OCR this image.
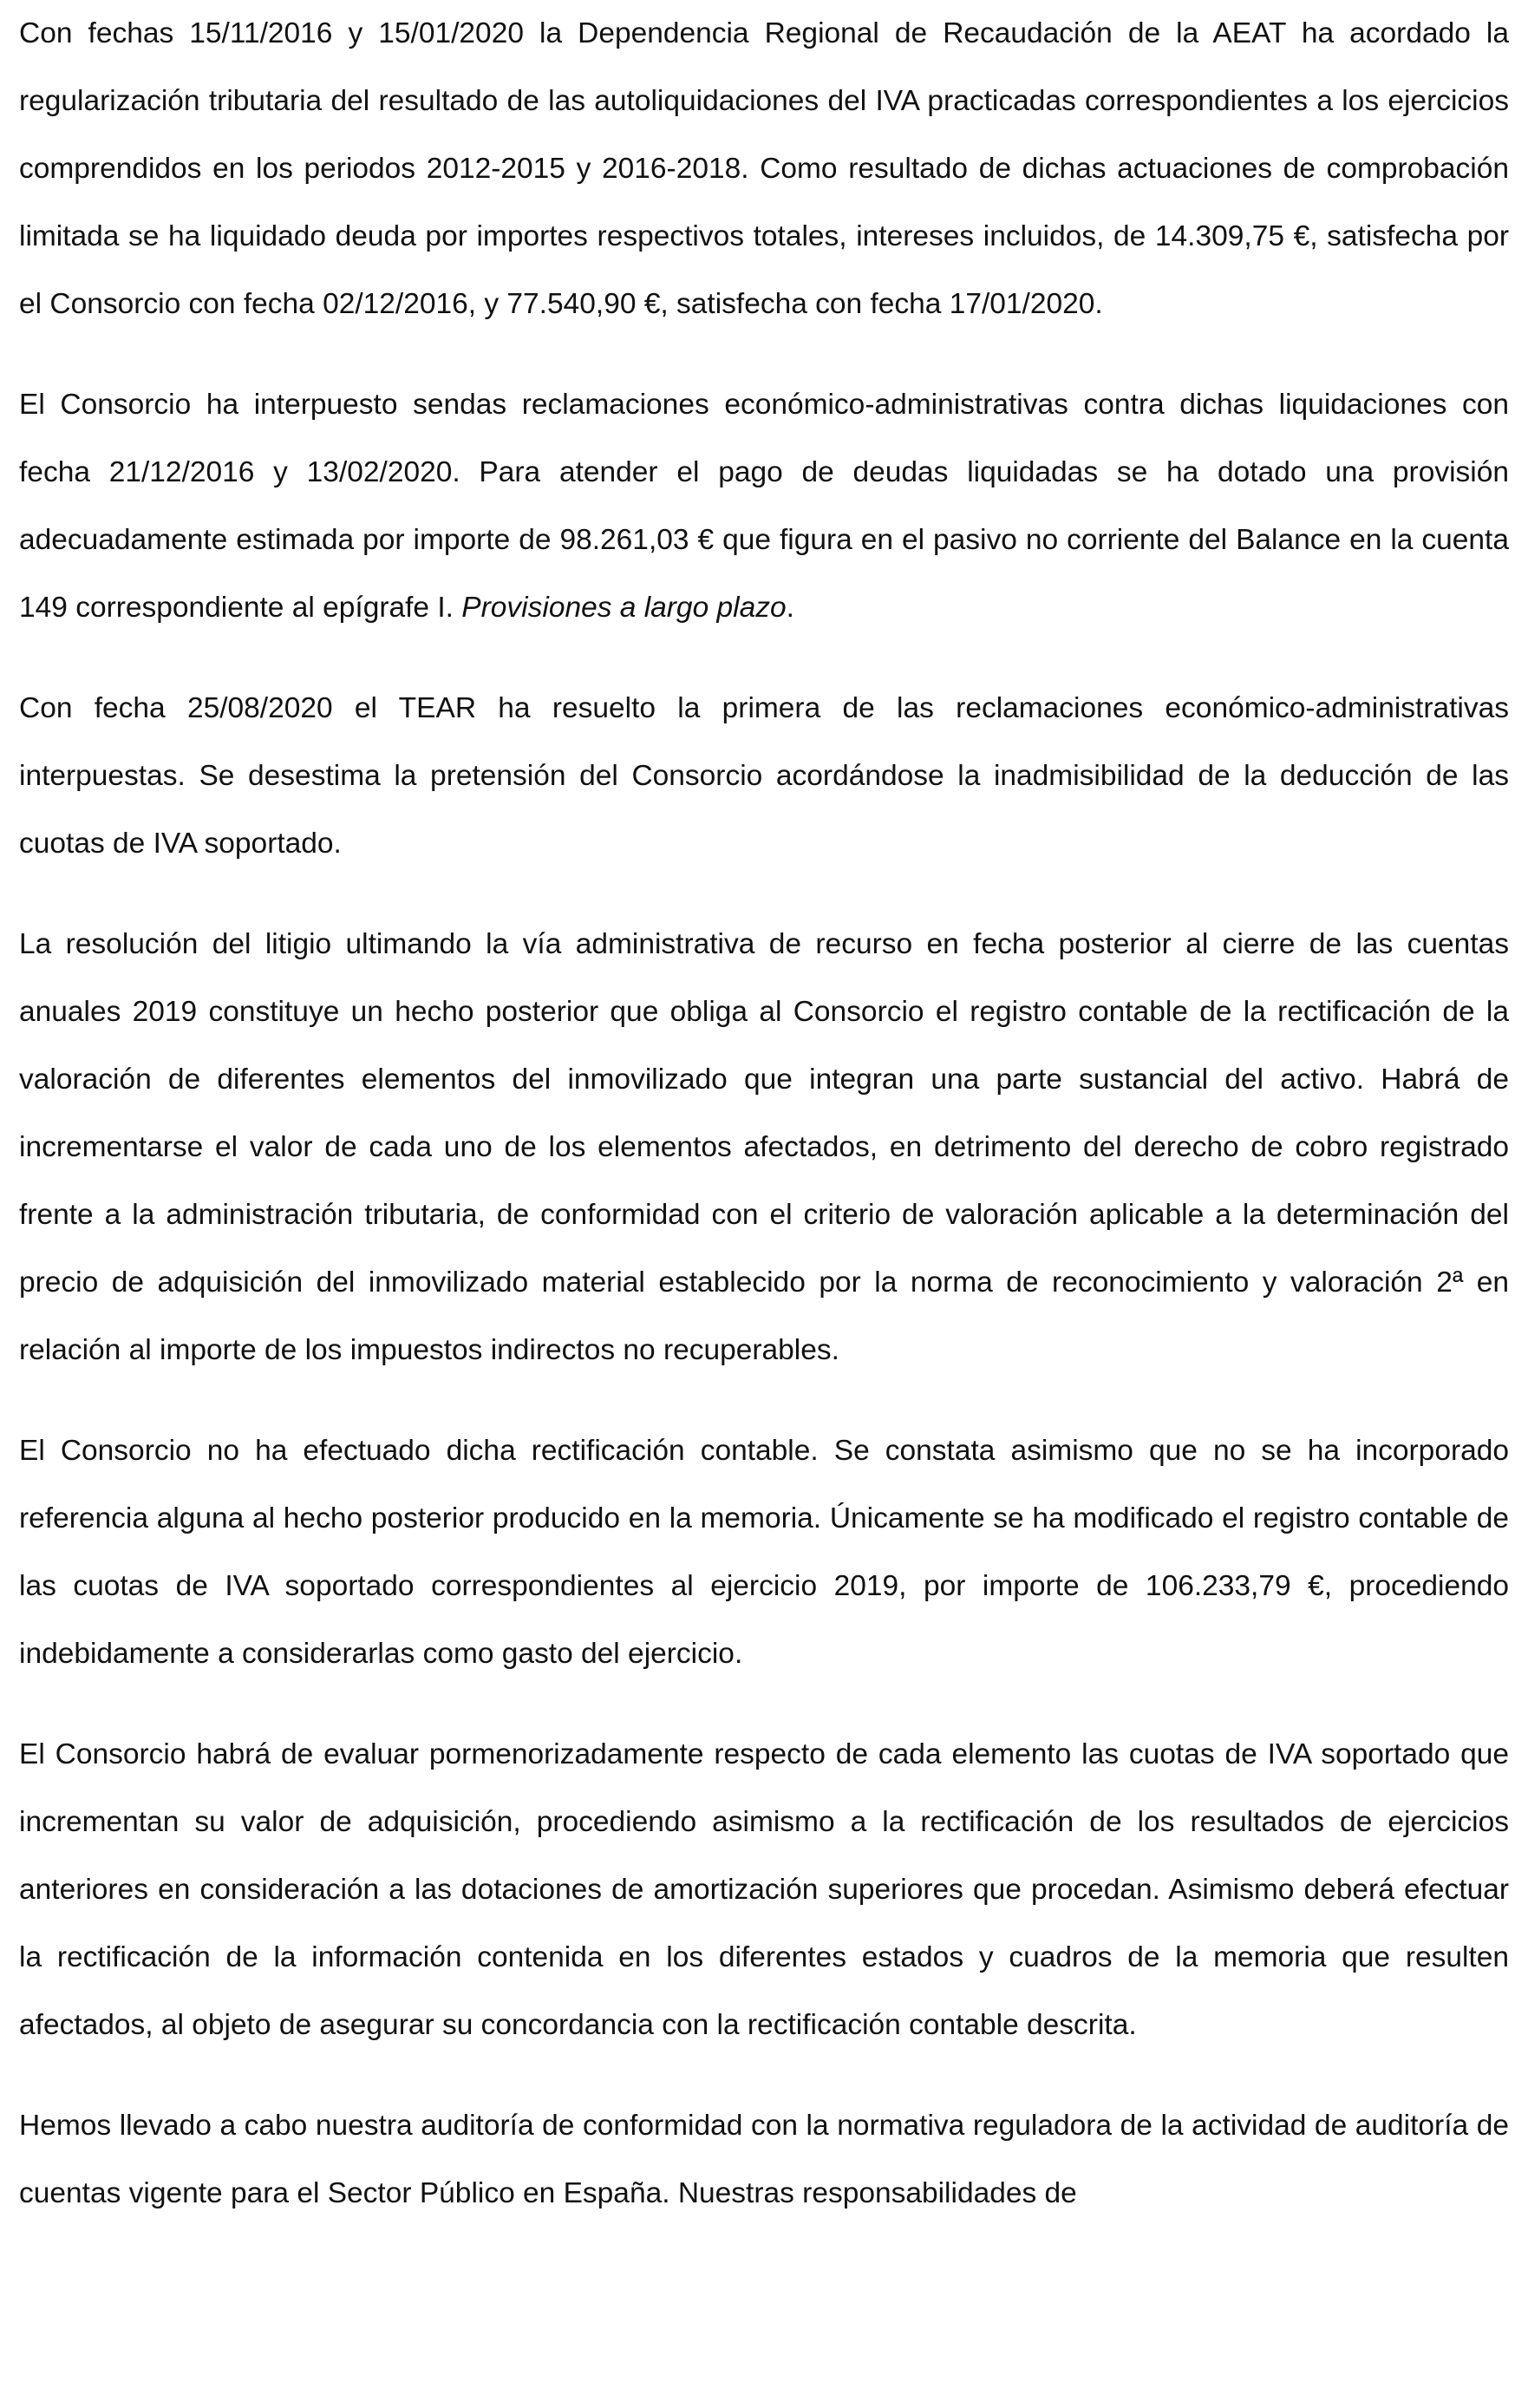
Con fechas 15/11/2016 y 15/01/2020 la Dependencia Regional de Recaudación de la AEAT ha acordado la regularización tributaria del resultado de las autoliquidaciones del IVA practicadas correspondientes a los ejercicios comprendidos en los periodos 2012-2015 y 2016-2018. Como resultado de dichas actuaciones de comprobación limitada se ha liquidado deuda por importes respectivos totales, intereses incluidos, de 14.309,75 €, satisfecha por el Consorcio con fecha 02/12/2016, y 77.540,90 €, satisfecha con fecha 17/01/2020.

El Consorcio ha interpuesto sendas reclamaciones económico-administrativas contra dichas liquidaciones con fecha 21/12/2016 y 13/02/2020. Para atender el pago de deudas liquidadas se ha dotado una provisión adecuadamente estimada por importe de 98.261,03 € que figura en el pasivo no corriente del Balance en la cuenta 149 correspondiente al epígrafe I. Provisiones a largo plazo.

Con fecha 25/08/2020 el TEAR ha resuelto la primera de las reclamaciones económico-administrativas interpuestas. Se desestima la pretensión del Consorcio acordándose la inadmisibilidad de la deducción de las cuotas de IVA soportado.

La resolución del litigio ultimando la vía administrativa de recurso en fecha posterior al cierre de las cuentas anuales 2019 constituye un hecho posterior que obliga al Consorcio el registro contable de la rectificación de la valoración de diferentes elementos del inmovilizado que integran una parte sustancial del activo. Habrá de incrementarse el valor de cada uno de los elementos afectados, en detrimento del derecho de cobro registrado frente a la administración tributaria, de conformidad con el criterio de valoración aplicable a la determinación del precio de adquisición del inmovilizado material establecido por la norma de reconocimiento y valoración 2ª en relación al importe de los impuestos indirectos no recuperables.

El Consorcio no ha efectuado dicha rectificación contable. Se constata asimismo que no se ha incorporado referencia alguna al hecho posterior producido en la memoria. Únicamente se ha modificado el registro contable de las cuotas de IVA soportado correspondientes al ejercicio 2019, por importe de 106.233,79 €, procediendo indebidamente a considerarlas como gasto del ejercicio.

El Consorcio habrá de evaluar pormenorizadamente respecto de cada elemento las cuotas de IVA soportado que incrementan su valor de adquisición, procediendo asimismo a la rectificación de los resultados de ejercicios anteriores en consideración a las dotaciones de amortización superiores que procedan. Asimismo deberá efectuar la rectificación de la información contenida en los diferentes estados y cuadros de la memoria que resulten afectados, al objeto de asegurar su concordancia con la rectificación contable descrita.

Hemos llevado a cabo nuestra auditoría de conformidad con la normativa reguladora de la actividad de auditoría de cuentas vigente para el Sector Público en España. Nuestras responsabilidades de
